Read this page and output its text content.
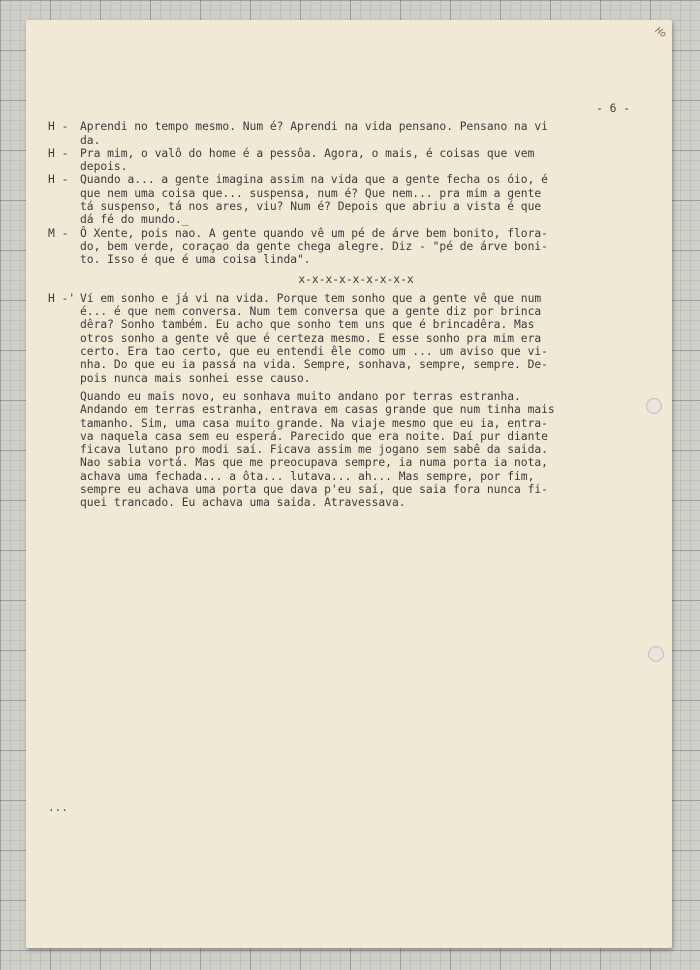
Ho
- 6 -
H - Aprendi no tempo mesmo. Num é? Aprendi na vida pensano. Pensano na vi
da.
H - Pra mim, o valô do home é a pessôa. Agora, o mais, é coisas que vem
depois.
H - Quando a... a gente imagina assim na vida que a gente fecha os óio, é
que nem uma coisa que... suspensa, num é? Que nem... pra mim a gente
tá suspenso, tá nos ares, viu? Num é? Depois que abriu a vista é que
dá fé do mundo._
M - Ô Xente, pois nao. A gente quando vê um pé de árve bem bonito, flora-
do, bem verde, coraçao da gente chega alegre. Diz - "pé de árve boni-
to. Isso é que é uma coisa linda".
x-x-x-x-x-x-x-x-x
H -' Ví em sonho e já vi na vida. Porque tem sonho que a gente vê que num
é... é que nem conversa. Num tem conversa que a gente diz por brinca
dêra? Sonho também. Eu acho que sonho tem uns que é brincadêra. Mas
otros sonho a gente vê que é certeza mesmo. E esse sonho pra mim era
certo. Era tao certo, que eu entendi êle como um ... um aviso que vi-
nha. Do que eu ia passá na vida. Sempre, sonhava, sempre, sempre. De-
pois nunca mais sonhei esse causo.
Quando eu mais novo, eu sonhava muito andano por terras estranha.
Andando em terras estranha, entrava em casas grande que num tinha mais
tamanho. Sim, uma casa muito grande. Na viaje mesmo que eu ia, entra-
va naquela casa sem eu esperá. Parecido que era noite. Daí pur diante
ficava lutano pro modi saí. Ficava assim me jogano sem sabê da saida.
Nao sabia vortá. Mas que me preocupava sempre, ia numa porta ia nota,
achava uma fechada... a ôta... lutava... ah... Mas sempre, por fim,
sempre eu achava uma porta que dava p'eu saí, que saia fora nunca fi-
quei trancado. Eu achava uma saida. Atravessava.
...
